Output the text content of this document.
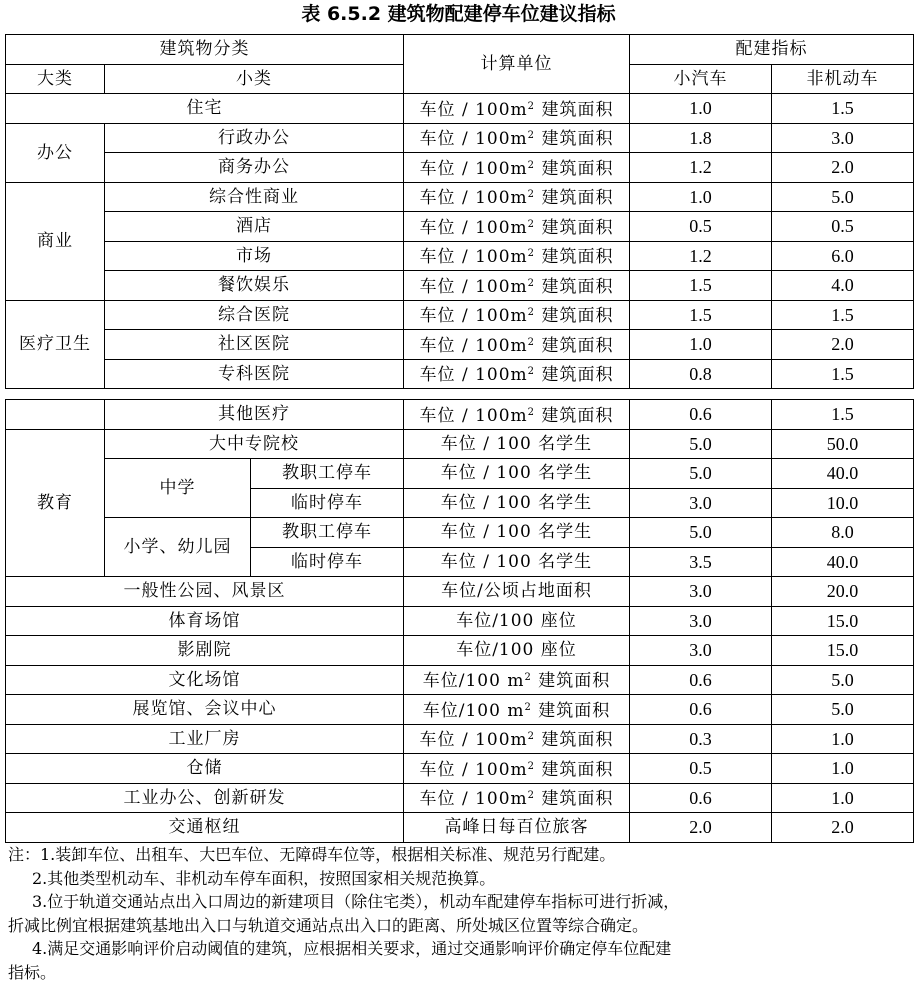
表 6.5.2 建筑物配建停车位建议指标
建筑物分类		计算单位	配建指标	
大类	小类		小汽车	非机动车
住宅		车位 / $100m^2$ 建筑面积	1.0	1.5
办公	行政办公	车位 / $100m^2$ 建筑面积	1.8	3.0
	商务办公	车位 / $100m^2$ 建筑面积	1.2	2.0
商业	综合性商业	车位 / $100m^2$ 建筑面积	1.0	5.0
	酒店	车位 / $100m^2$ 建筑面积	0.5	0.5
	市场	车位 / $100m^2$ 建筑面积	1.2	6.0
	餐饮娱乐	车位 / $100m^2$ 建筑面积	1.5	4.0
医疗卫生	综合医院	车位 / $100m^2$ 建筑面积	1.5	1.5
	社区医院	车位 / $100m^2$ 建筑面积	1.0	2.0
	专科医院	车位 / $100m^2$ 建筑面积	0.8	1.5
	其他医疗		车位 / $100m^2$ 建筑面积	0.6	1.5
教育	大中专院校		车位 / 100 名学生	5.0	50.0
	中学	教职工停车	车位 / 100 名学生	5.0	40.0
		临时停车	车位 / 100 名学生	3.0	10.0
	小学、幼儿园	教职工停车	车位 / 100 名学生	5.0	8.0
		临时停车	车位 / 100 名学生	3.5	40.0
一般性公园、风景区			车位/公顷占地面积	3.0	20.0
体育场馆			车位/100 座位	3.0	15.0
影剧院			车位/100 座位	3.0	15.0
文化场馆			车位/100 $m^2$ 建筑面积	0.6	5.0
展览馆、会议中心			车位/100 $m^2$ 建筑面积	0.6	5.0
工业厂房			车位 / $100m^2$ 建筑面积	0.3	1.0
仓储			车位 / $100m^2$ 建筑面积	0.5	1.0
工业办公、创新研发			车位 / $100m^2$ 建筑面积	0.6	1.0
交通枢纽			高峰日每百位旅客	2.0	2.0
注：1.装卸车位、出租车、大巴车位、无障碍车位等，根据相关标准、规范另行配建。
2.其他类型机动车、非机动车停车面积，按照国家相关规范换算。
3.位于轨道交通站点出入口周边的新建项目（除住宅类），机动车配建停车指标可进行折减，
折减比例宜根据建筑基地出入口与轨道交通站点出入口的距离、所处城区位置等综合确定。
4.满足交通影响评价启动阈值的建筑，应根据相关要求，通过交通影响评价确定停车位配建
指标。
